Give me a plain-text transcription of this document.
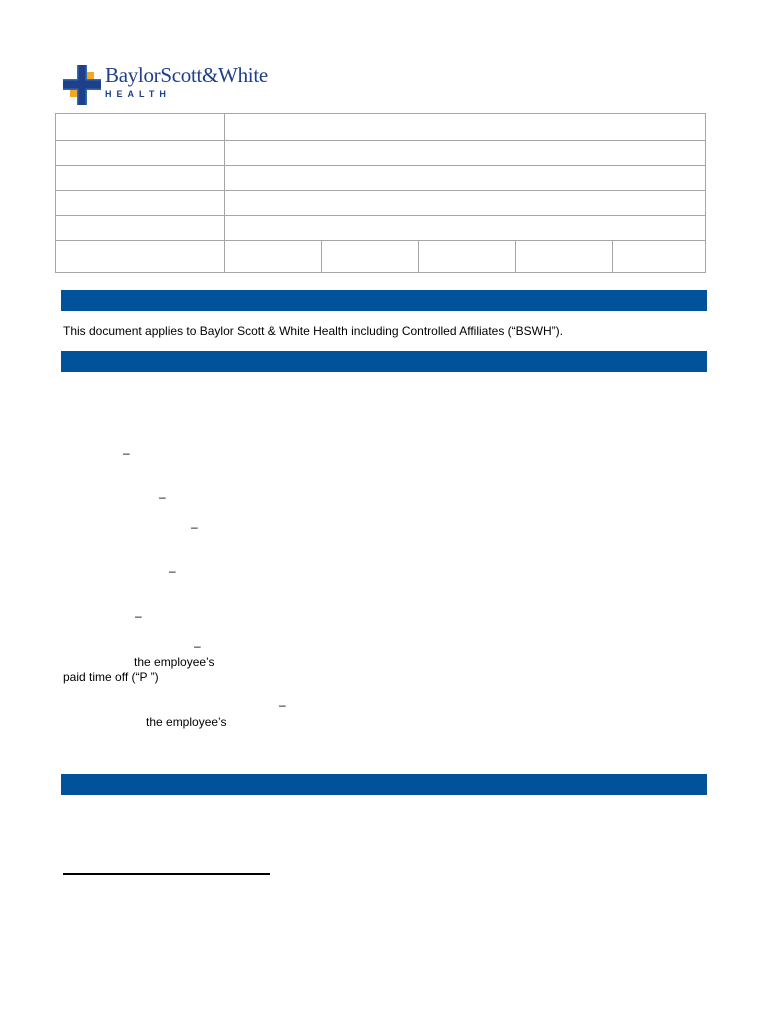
BaylorScott&White
HEALTH

This document applies to Baylor Scott & White Health including Controlled Affiliates (“BSWH”).
–
–
–
–
–
–
the employee’s
paid time off (“P ”)
–
the employee’s
